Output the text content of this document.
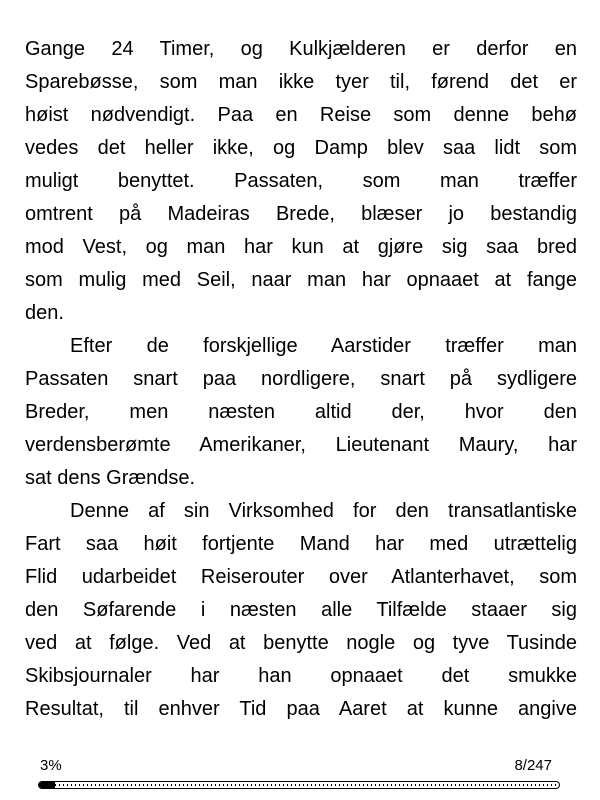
Gange 24 Timer, og Kulkjælderen er derfor en
Sparebøsse, som man ikke tyer til, førend det er
høist nødvendigt. Paa en Reise som denne behø
vedes det heller ikke, og Damp blev saa lidt som
muligt benyttet. Passaten, som man træffer
omtrent på Madeiras Brede, blæser jo bestandig
mod Vest, og man har kun at gjøre sig saa bred
som mulig med Seil, naar man har opnaaet at fange
den.
Efter de forskjellige Aarstider træffer man
Passaten snart paa nordligere, snart på sydligere
Breder, men næsten altid der, hvor den
verdensberømte Amerikaner, Lieutenant Maury, har
sat dens Grændse.
Denne af sin Virksomhed for den transatlantiske
Fart saa høit fortjente Mand har med utrættelig
Flid udarbeidet Reiserouter over Atlanterhavet, som
den Søfarende i næsten alle Tilfælde staaer sig
ved at følge. Ved at benytte nogle og tyve Tusinde
Skibsjournaler har han opnaaet det smukke
Resultat, til enhver Tid paa Aaret at kunne angive
3%	8/247
